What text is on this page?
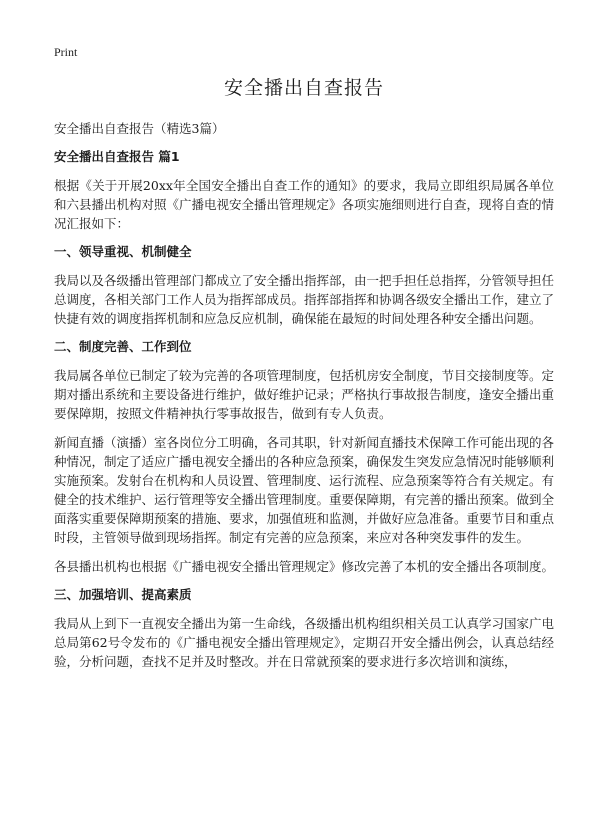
Print
安全播出自查报告

安全播出自查报告（精选3篇）

安全播出自查报告 篇1

根据《关于开展20xx年全国安全播出自查工作的通知》的要求，我局立即组织局属各单位和六县播出机构对照《广播电视安全播出管理规定》各项实施细则进行自查，现将自查的情况汇报如下：

一、领导重视、机制健全

我局以及各级播出管理部门都成立了安全播出指挥部，由一把手担任总指挥，分管领导担任总调度，各相关部门工作人员为指挥部成员。指挥部指挥和协调各级安全播出工作，建立了快捷有效的调度指挥机制和应急反应机制，确保能在最短的时间处理各种安全播出问题。

二、制度完善、工作到位

我局属各单位已制定了较为完善的各项管理制度，包括机房安全制度，节目交接制度等。定期对播出系统和主要设备进行维护，做好维护记录；严格执行事故报告制度，逢安全播出重要保障期，按照文件精神执行零事故报告，做到有专人负责。

新闻直播（演播）室各岗位分工明确，各司其职，针对新闻直播技术保障工作可能出现的各种情况，制定了适应广播电视安全播出的各种应急预案，确保发生突发应急情况时能够顺利实施预案。发射台在机构和人员设置、管理制度、运行流程、应急预案等符合有关规定。有健全的技术维护、运行管理等安全播出管理制度。重要保障期，有完善的播出预案。做到全面落实重要保障期预案的措施、要求，加强值班和监测，并做好应急准备。重要节目和重点时段，主管领导做到现场指挥。制定有完善的应急预案，来应对各种突发事件的发生。

各县播出机构也根据《广播电视安全播出管理规定》修改完善了本机的安全播出各项制度。

三、加强培训、提高素质

我局从上到下一直视安全播出为第一生命线，各级播出机构组织相关员工认真学习国家广电总局第62号令发布的《广播电视安全播出管理规定》，定期召开安全播出例会，认真总结经验，分析问题，查找不足并及时整改。并在日常就预案的要求进行多次培训和演练，
